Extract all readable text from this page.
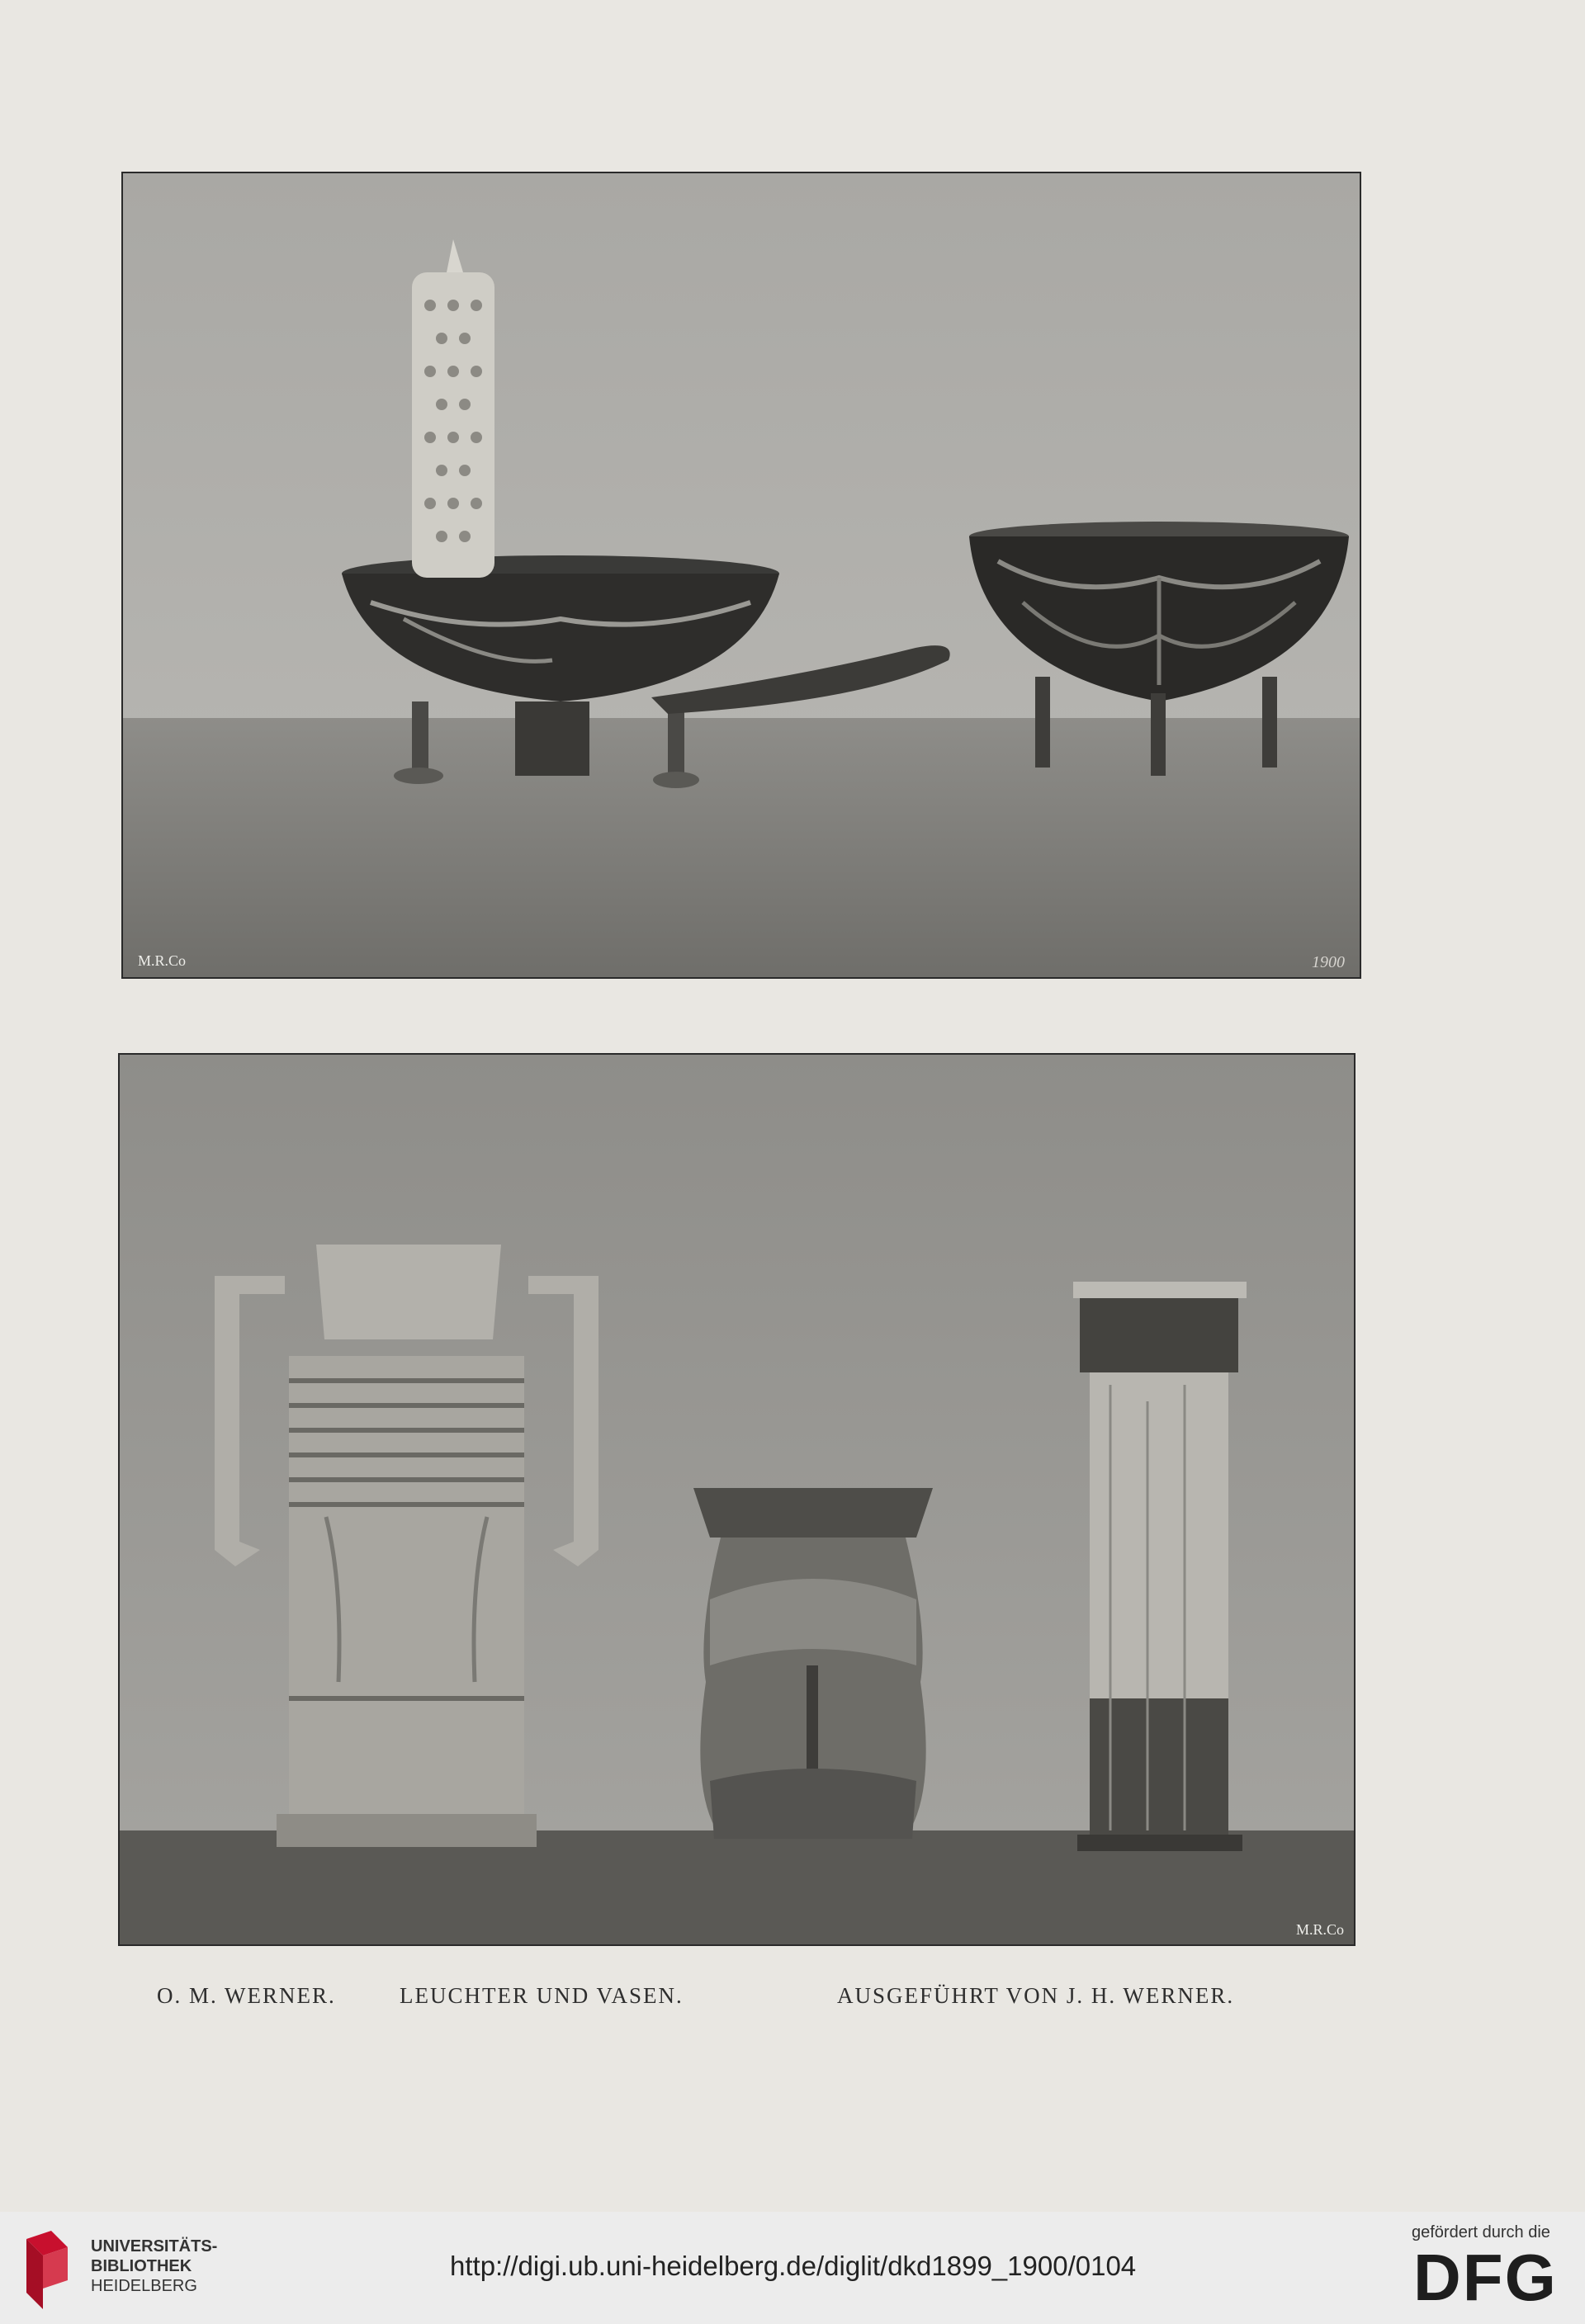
M.R.Co	1900
M.R.Co
O. M. WERNER.	LEUCHTER UND VASEN.	AUSGEFÜHRT VON J. H. WERNER.
UNIVERSITÄTS-
BIBLIOTHEK
HEIDELBERG
http://digi.ub.uni-heidelberg.de/diglit/dkd1899_1900/0104
gefördert durch die
DFG
